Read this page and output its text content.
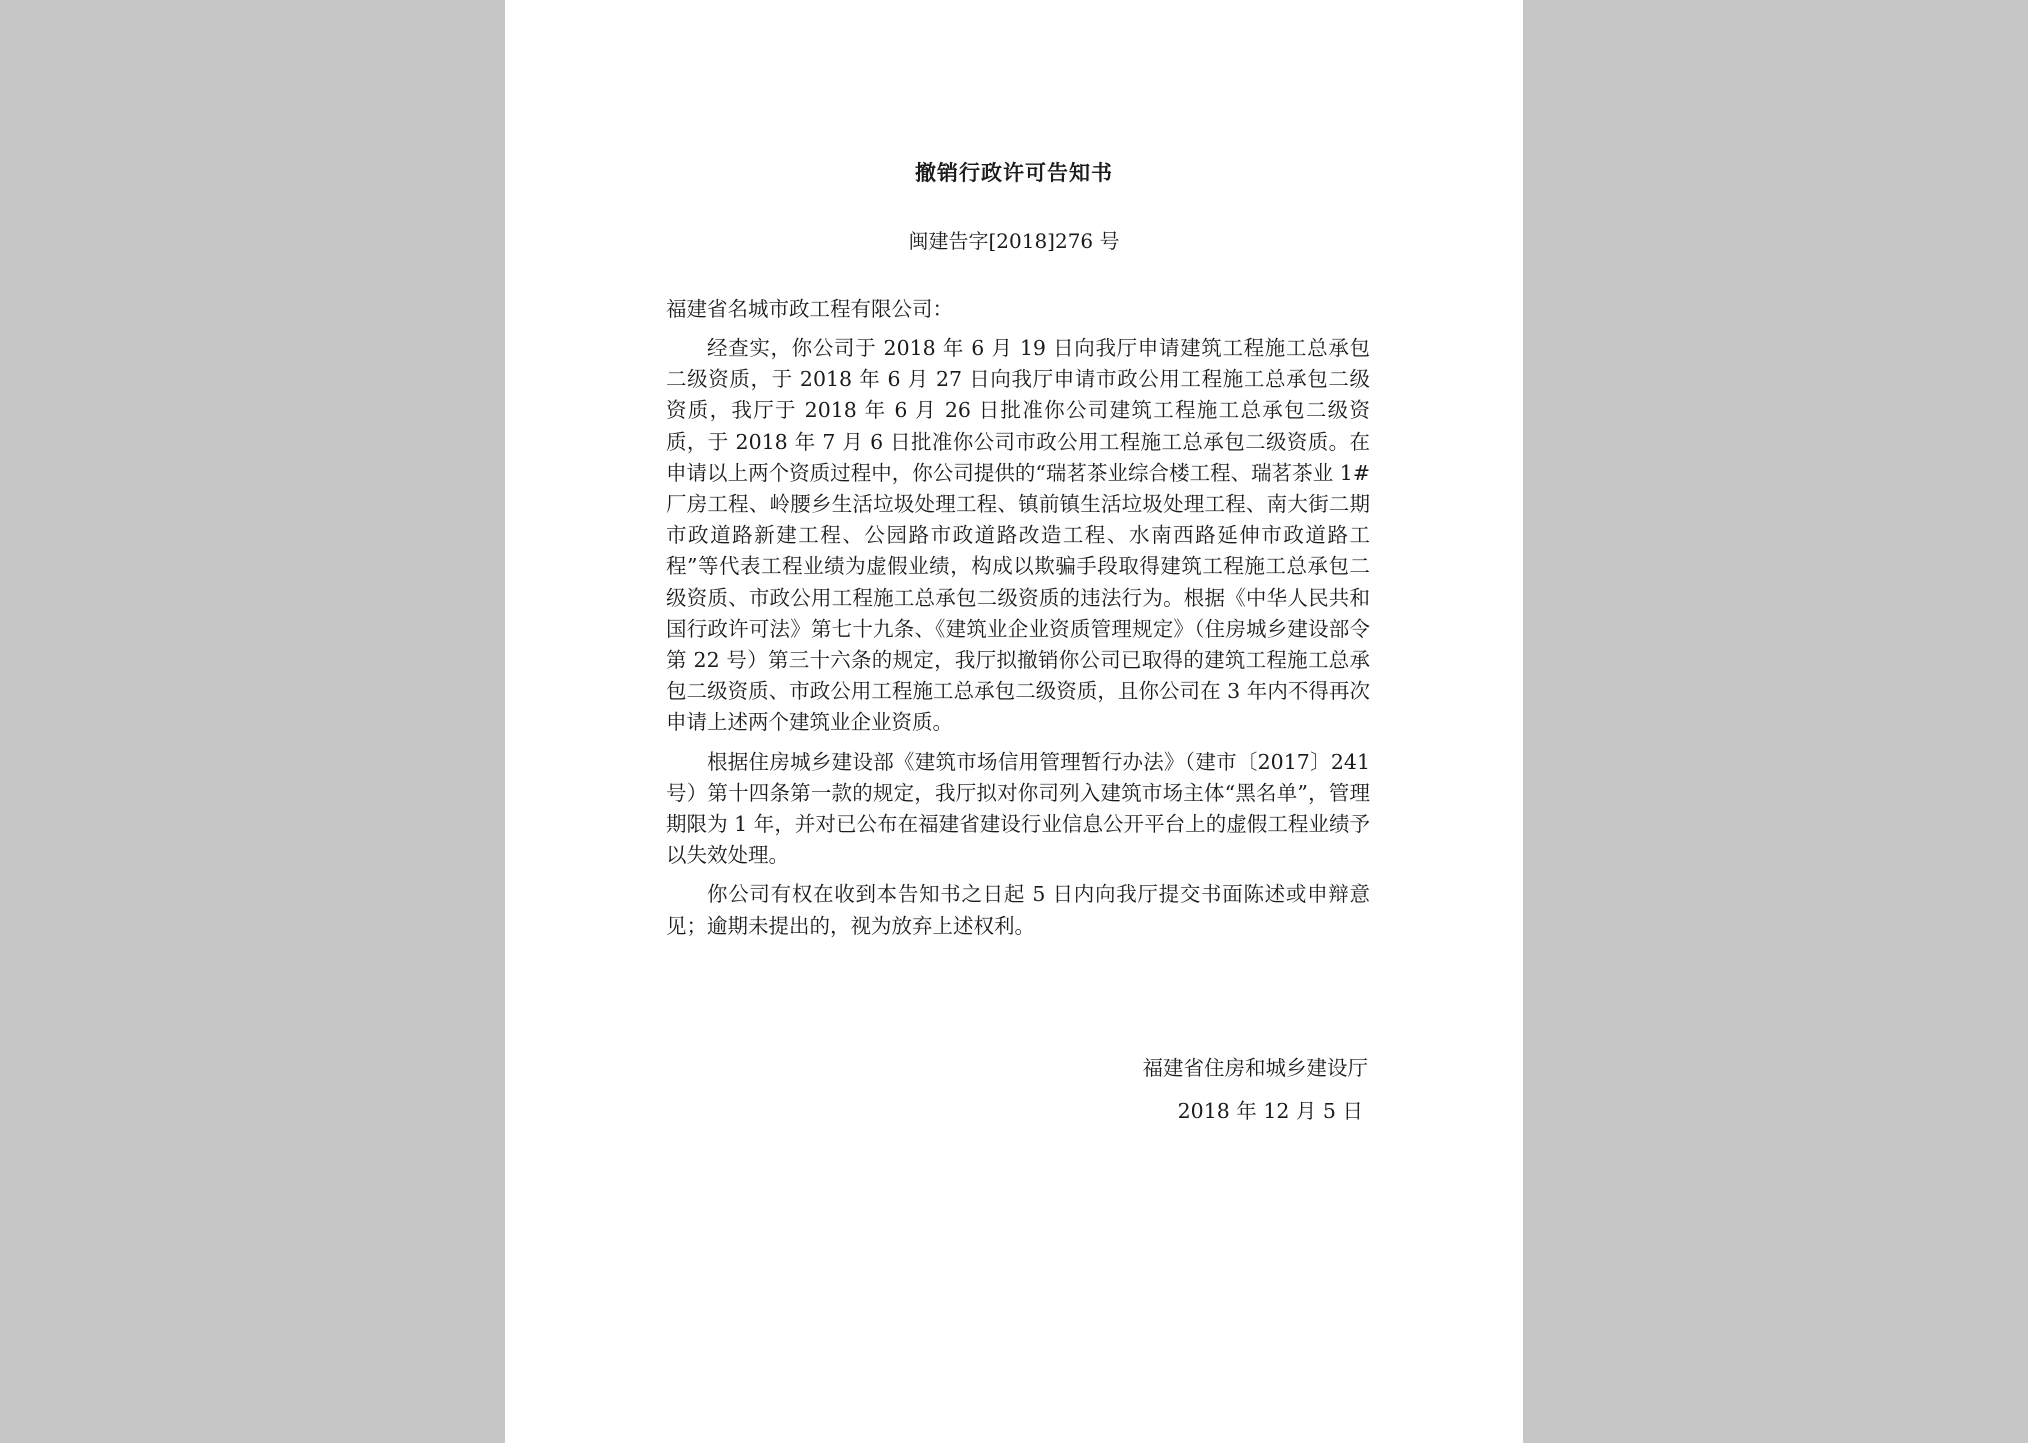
撤销行政许可告知书
闽建告字[2018]276 号
福建省名城市政工程有限公司：

经查实，你公司于 2018 年 6 月 19 日向我厅申请建筑工程施工总承包二级资质，于 2018 年 6 月 27 日向我厅申请市政公用工程施工总承包二级资质，我厅于 2018 年 6 月 26 日批准你公司建筑工程施工总承包二级资质，于 2018 年 7 月 6 日批准你公司市政公用工程施工总承包二级资质。在申请以上两个资质过程中，你公司提供的“瑞茗茶业综合楼工程、瑞茗茶业 1#厂房工程、岭腰乡生活垃圾处理工程、镇前镇生活垃圾处理工程、南大街二期市政道路新建工程、公园路市政道路改造工程、水南西路延伸市政道路工程”等代表工程业绩为虚假业绩，构成以欺骗手段取得建筑工程施工总承包二级资质、市政公用工程施工总承包二级资质的违法行为。根据《中华人民共和国行政许可法》第七十九条、《建筑业企业资质管理规定》（住房城乡建设部令第 22 号）第三十六条的规定，我厅拟撤销你公司已取得的建筑工程施工总承包二级资质、市政公用工程施工总承包二级资质，且你公司在 3 年内不得再次申请上述两个建筑业企业资质。

根据住房城乡建设部《建筑市场信用管理暂行办法》（建市〔2017〕241 号）第十四条第一款的规定，我厅拟对你司列入建筑市场主体“黑名单”，管理期限为 1 年，并对已公布在福建省建设行业信息公开平台上的虚假工程业绩予以失效处理。

你公司有权在收到本告知书之日起 5 日内向我厅提交书面陈述或申辩意见；逾期未提出的，视为放弃上述权利。

福建省住房和城乡建设厅
2018 年 12 月 5 日
